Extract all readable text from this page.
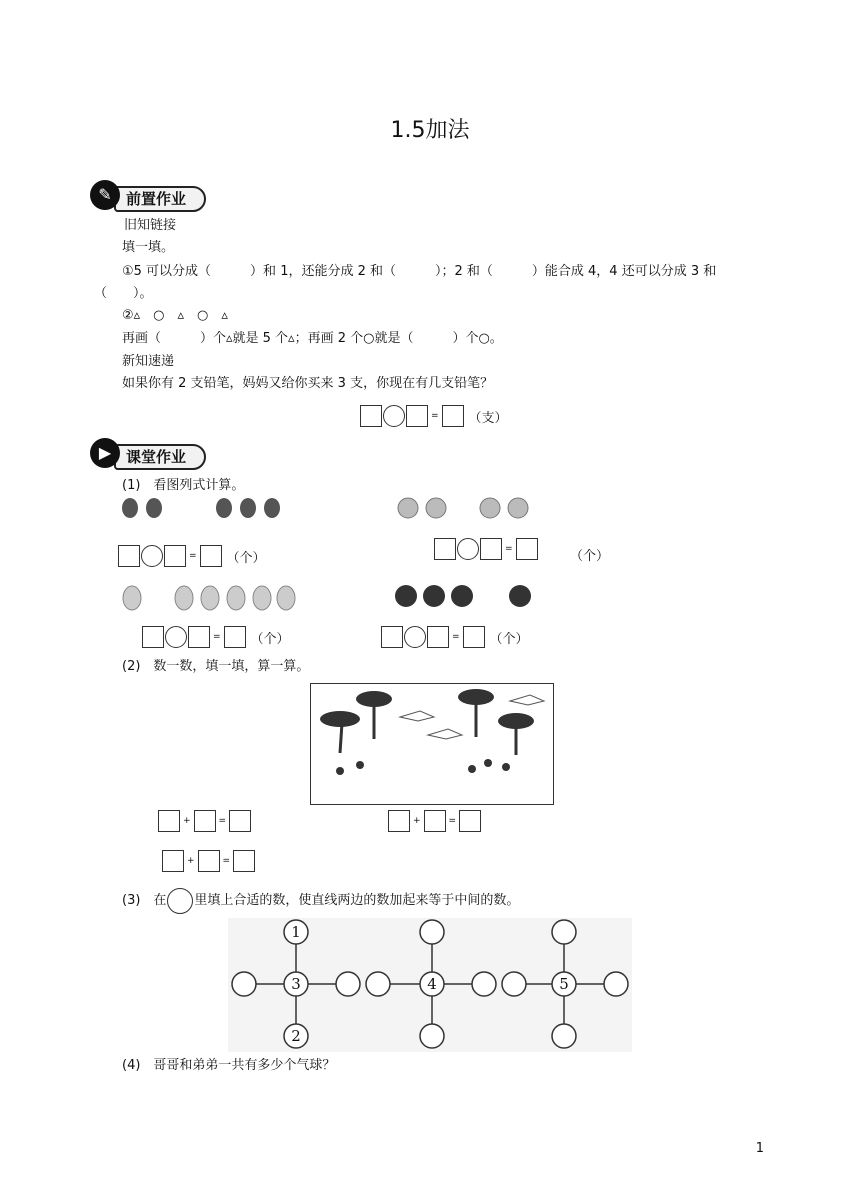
1.5加法
前置作业
✎
旧知链接
填一填。
①5 可以分成（　　　）和 1，还能分成 2 和（　　　）；2 和（　　　）能合成 4，4 还可以分成 3 和
（　　）。
②▵　○　▵　○　▵
再画（　　　）个▵就是 5 个▵；再画 2 个○就是（　　　）个○。
新知速递
如果你有 2 支铅笔，妈妈又给你买来 3 支，你现在有几支铅笔？
= （支）
课堂作业
▶
(1)　看图列式计算。
= （个）
=	（个）
= （个）	= （个）
(2)　数一数，填一填，算一算。
+	=	+	=
+	=
(3)　在 里填上合适的数，使直线两边的数加起来等于中间的数。
1
3
2
4	5
(4)　哥哥和弟弟一共有多少个气球？
1
